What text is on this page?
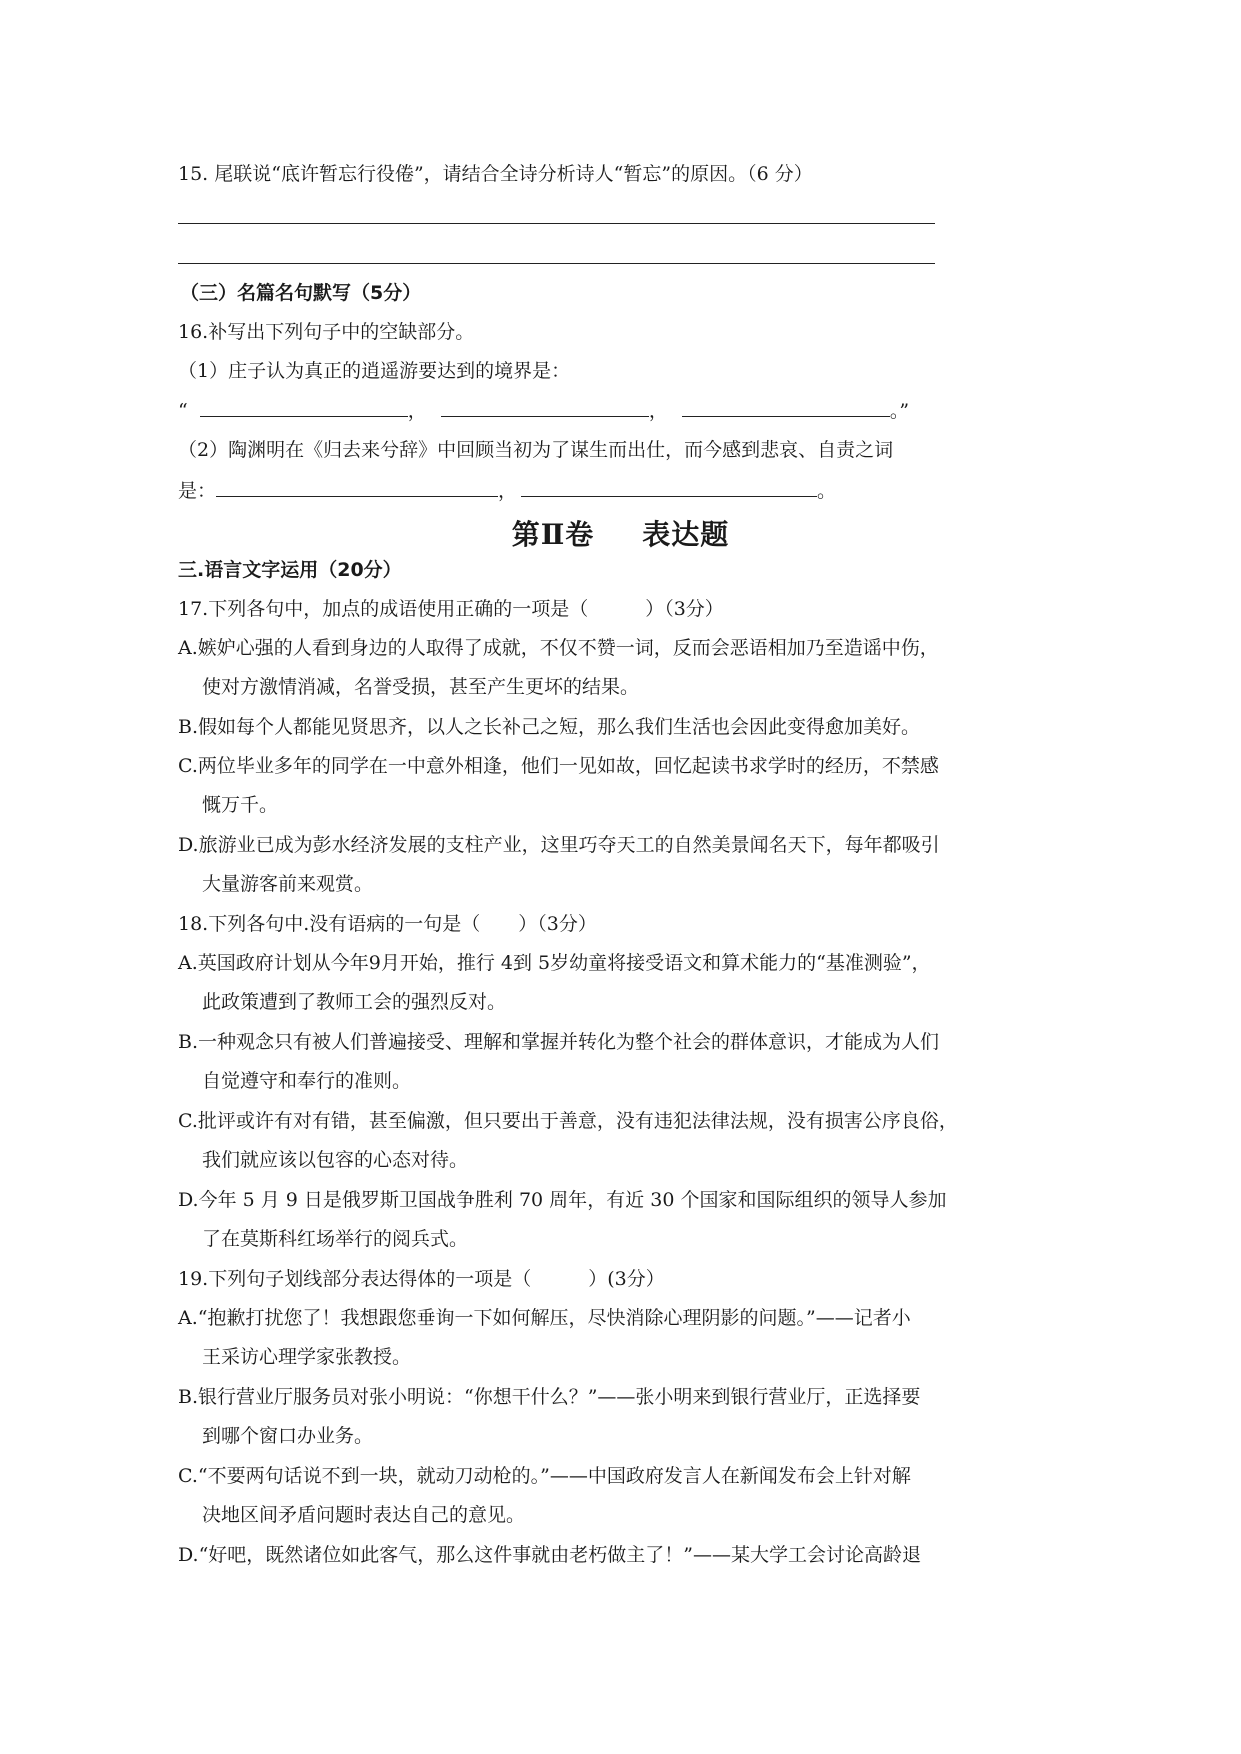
15. 尾联说“底许暂忘行役倦”，请结合全诗分析诗人“暂忘”的原因。（6 分）
（三）名篇名句默写（5分）
16.补写出下列句子中的空缺部分。
（1）庄子认为真正的逍遥游要达到的境界是：
“	，	，	。”
（2）陶渊明在《归去来兮辞》中回顾当初为了谋生而出仕，而今感到悲哀、自责之词
是：	，	。
第Ⅱ卷 表达题
三.语言文字运用（20分）
17.下列各句中，加点的成语使用正确的一项是（　　　）（3分）
A.嫉妒心强的人看到身边的人取得了成就，不仅不赞一词，反而会恶语相加乃至造谣中伤，
使对方激情消减，名誉受损，甚至产生更坏的结果。
B.假如每个人都能见贤思齐，以人之长补己之短，那么我们生活也会因此变得愈加美好。
C.两位毕业多年的同学在一中意外相逢，他们一见如故，回忆起读书求学时的经历，不禁感
慨万千。
D.旅游业已成为彭水经济发展的支柱产业，这里巧夺天工的自然美景闻名天下，每年都吸引
大量游客前来观赏。
18.下列各句中.没有语病的一句是（　　）（3分）
A.英国政府计划从今年9月开始，推行 4到 5岁幼童将接受语文和算术能力的“基准测验”，
此政策遭到了教师工会的强烈反对。
B.一种观念只有被人们普遍接受、理解和掌握并转化为整个社会的群体意识，才能成为人们
自觉遵守和奉行的准则。
C.批评或许有对有错，甚至偏激，但只要出于善意，没有违犯法律法规，没有损害公序良俗，
我们就应该以包容的心态对待。
D.今年 5 月 9 日是俄罗斯卫国战争胜利 70 周年，有近 30 个国家和国际组织的领导人参加
了在莫斯科红场举行的阅兵式。
19.下列句子划线部分表达得体的一项是（　　　）(3分）
A.“抱歉打扰您了！我想跟您垂询一下如何解压，尽快消除心理阴影的问题。”——记者小
王采访心理学家张教授。
B.银行营业厅服务员对张小明说：“你想干什么？”——张小明来到银行营业厅，正选择要
到哪个窗口办业务。
C.“不要两句话说不到一块，就动刀动枪的。”——中国政府发言人在新闻发布会上针对解
决地区间矛盾问题时表达自己的意见。
D.“好吧，既然诸位如此客气，那么这件事就由老朽做主了！”——某大学工会讨论高龄退
